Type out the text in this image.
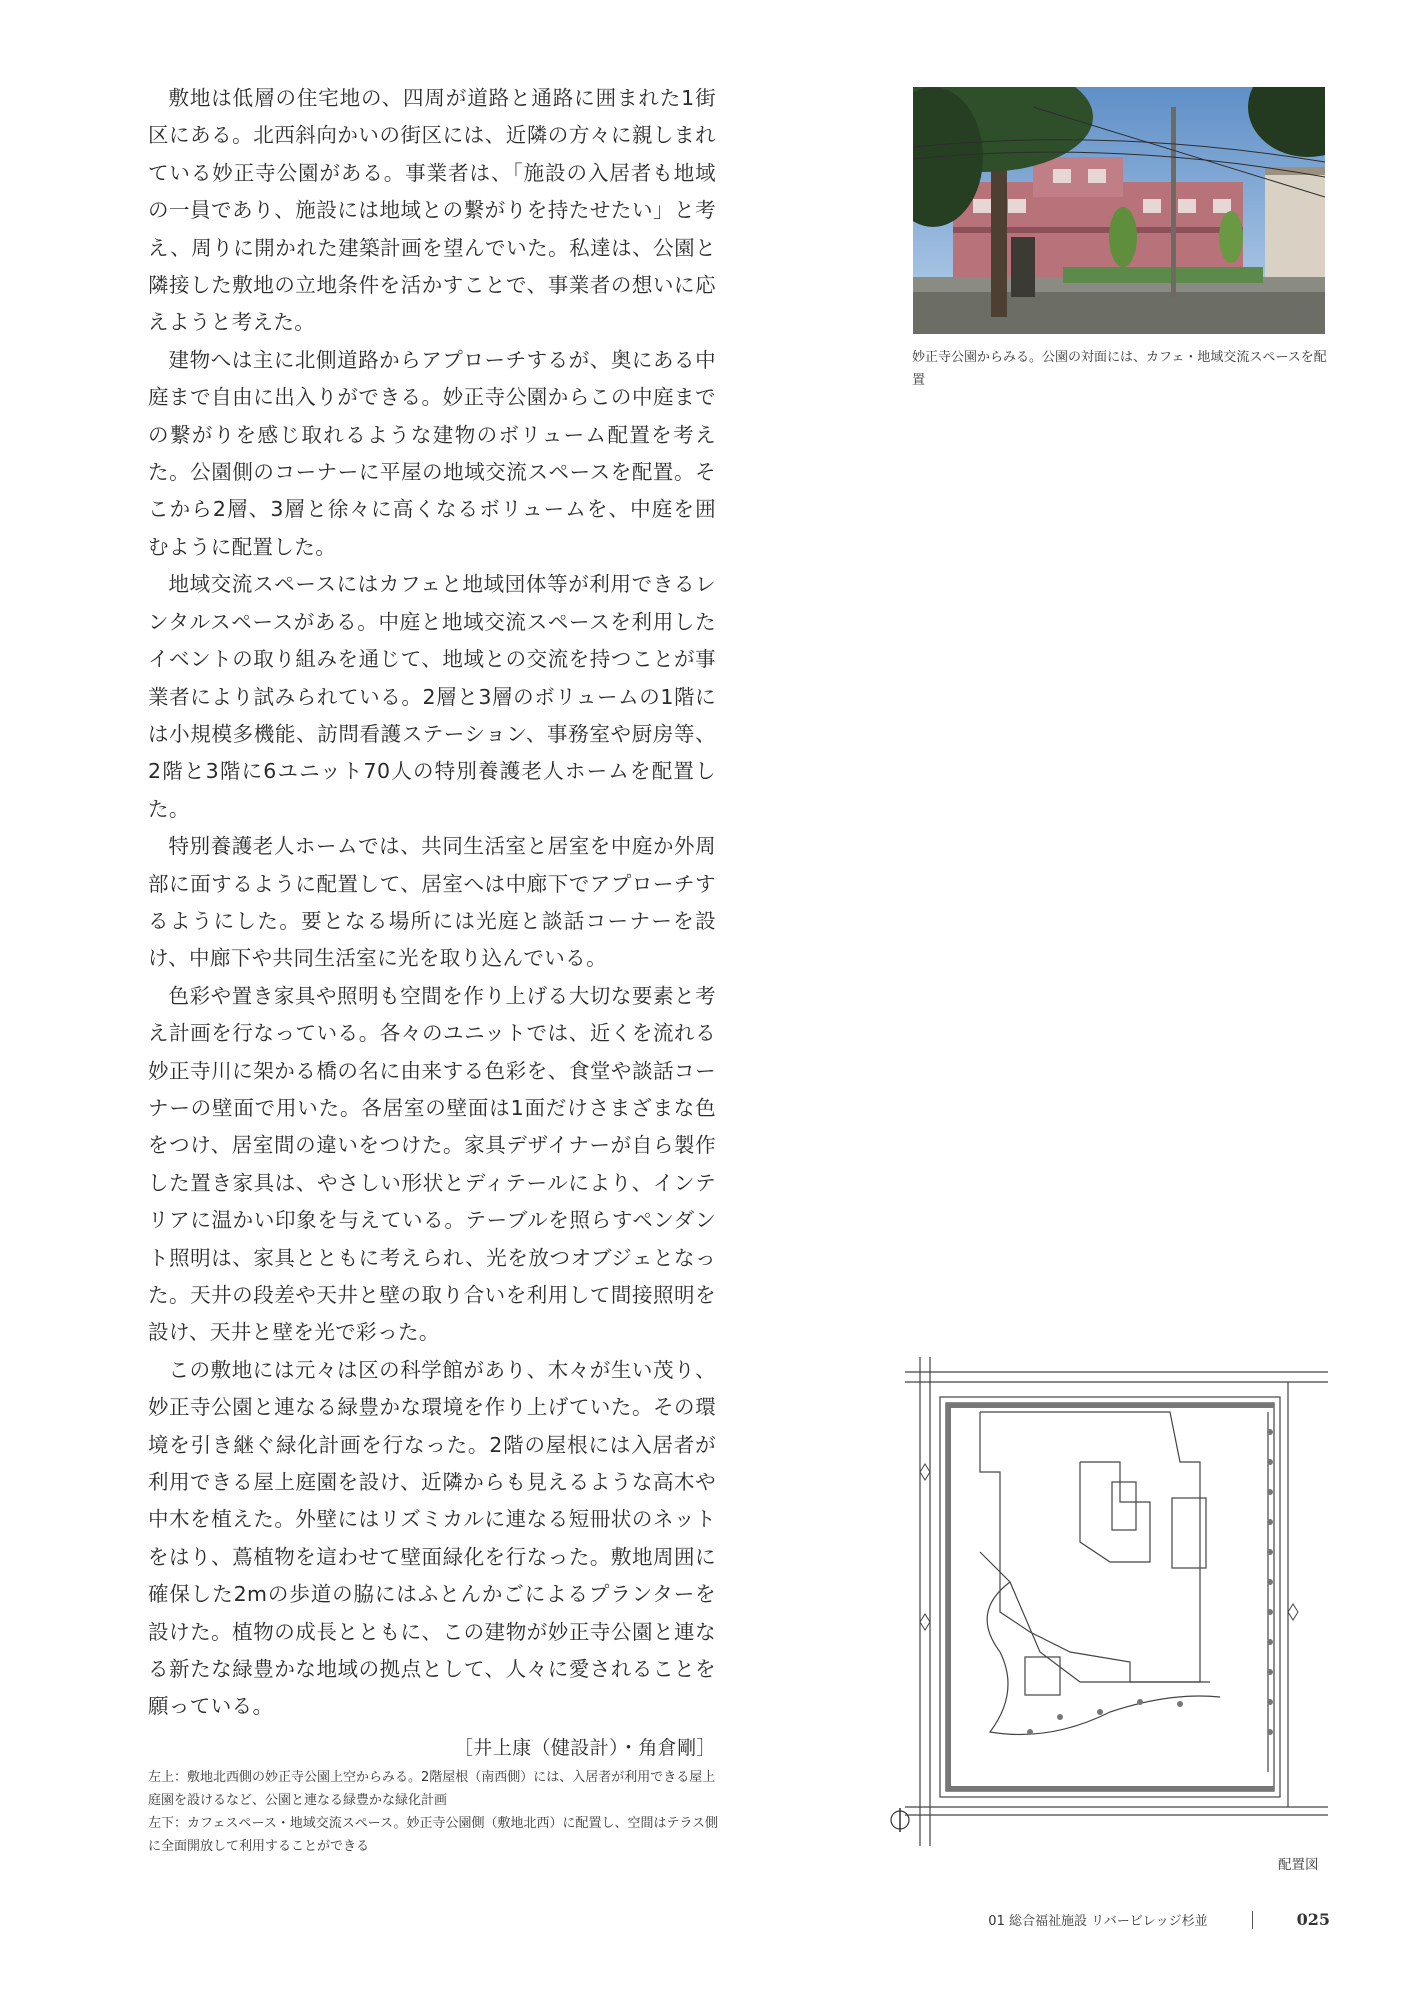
敷地は低層の住宅地の、四周が道路と通路に囲まれた1街区にある。北西斜向かいの街区には、近隣の方々に親しまれている妙正寺公園がある。事業者は、「施設の入居者も地域の一員であり、施設には地域との繋がりを持たせたい」と考え、周りに開かれた建築計画を望んでいた。私達は、公園と隣接した敷地の立地条件を活かすことで、事業者の想いに応えようと考えた。

建物へは主に北側道路からアプローチするが、奥にある中庭まで自由に出入りができる。妙正寺公園からこの中庭までの繋がりを感じ取れるような建物のボリューム配置を考えた。公園側のコーナーに平屋の地域交流スペースを配置。そこから2層、3層と徐々に高くなるボリュームを、中庭を囲むように配置した。

地域交流スペースにはカフェと地域団体等が利用できるレンタルスペースがある。中庭と地域交流スペースを利用したイベントの取り組みを通じて、地域との交流を持つことが事業者により試みられている。2層と3層のボリュームの1階には小規模多機能、訪問看護ステーション、事務室や厨房等、2階と3階に6ユニット70人の特別養護老人ホームを配置した。

特別養護老人ホームでは、共同生活室と居室を中庭か外周部に面するように配置して、居室へは中廊下でアプローチするようにした。要となる場所には光庭と談話コーナーを設け、中廊下や共同生活室に光を取り込んでいる。

色彩や置き家具や照明も空間を作り上げる大切な要素と考え計画を行なっている。各々のユニットでは、近くを流れる妙正寺川に架かる橋の名に由来する色彩を、食堂や談話コーナーの壁面で用いた。各居室の壁面は1面だけさまざまな色をつけ、居室間の違いをつけた。家具デザイナーが自ら製作した置き家具は、やさしい形状とディテールにより、インテリアに温かい印象を与えている。テーブルを照らすペンダント照明は、家具とともに考えられ、光を放つオブジェとなった。天井の段差や天井と壁の取り合いを利用して間接照明を設け、天井と壁を光で彩った。

この敷地には元々は区の科学館があり、木々が生い茂り、妙正寺公園と連なる緑豊かな環境を作り上げていた。その環境を引き継ぐ緑化計画を行なった。2階の屋根には入居者が利用できる屋上庭園を設け、近隣からも見えるような高木や中木を植えた。外壁にはリズミカルに連なる短冊状のネットをはり、蔦植物を這わせて壁面緑化を行なった。敷地周囲に確保した2mの歩道の脇にはふとんかごによるプランターを設けた。植物の成長とともに、この建物が妙正寺公園と連なる新たな緑豊かな地域の拠点として、人々に愛されることを願っている。

［井上康（健設計）・角倉剛］

左上：敷地北西側の妙正寺公園上空からみる。2階屋根（南西側）には、入居者が利用できる屋上庭園を設けるなど、公園と連なる緑豊かな緑化計画

左下：カフェスペース・地域交流スペース。妙正寺公園側（敷地北西）に配置し、空間はテラス側に全面開放して利用することができる

妙正寺公園からみる。公園の対面には、カフェ・地域交流スペースを配置
配置図
01 総合福祉施設 リバービレッジ杉並	025
